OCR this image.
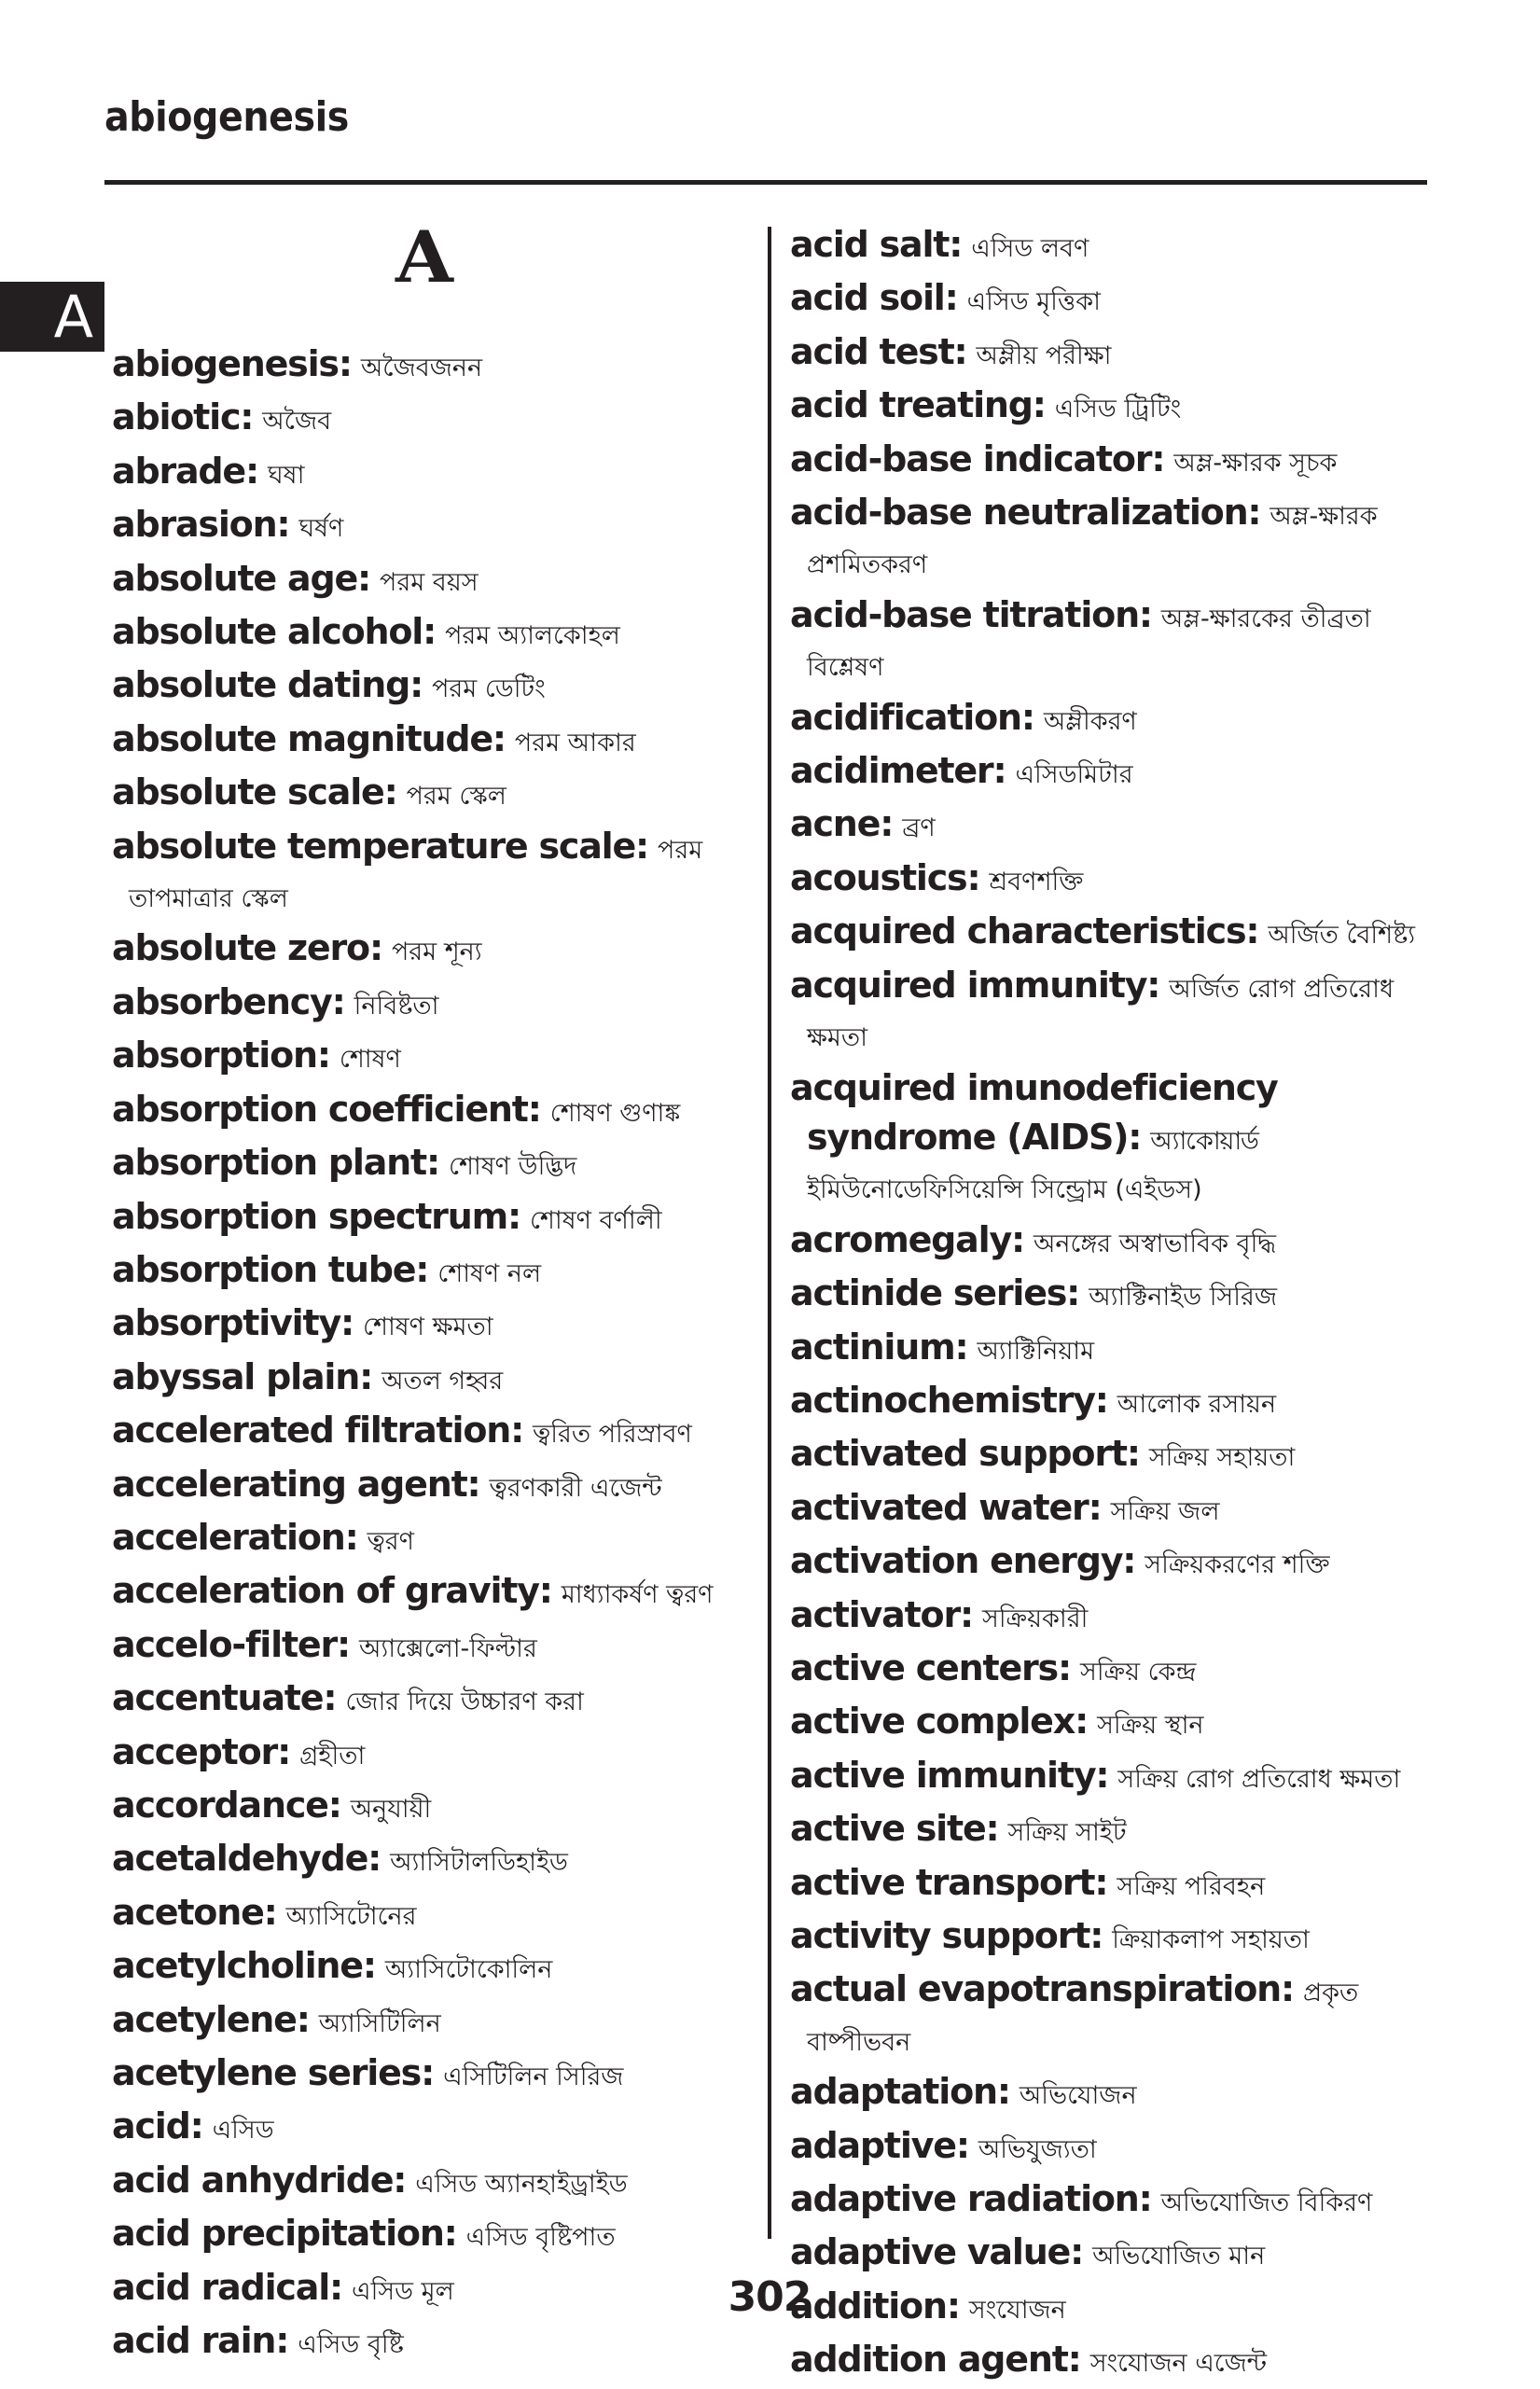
abiogenesis
A
A

abiogenesis: অজৈবজনন

abiotic: অজৈব

abrade: ঘষা

abrasion: ঘর্ষণ

absolute age: পরম বয়স

absolute alcohol: পরম অ্যালকোহল

absolute dating: পরম ডেটিং

absolute magnitude: পরম আকার

absolute scale: পরম স্কেল

absolute temperature scale: পরম
তাপমাত্রার স্কেল

absolute zero: পরম শূন্য

absorbency: নিবিষ্টতা

absorption: শোষণ

absorption coefficient: শোষণ গুণাঙ্ক

absorption plant: শোষণ উদ্ভিদ

absorption spectrum: শোষণ বর্ণালী

absorption tube: শোষণ নল

absorptivity: শোষণ ক্ষমতা

abyssal plain: অতল গহ্বর

accelerated filtration: ত্বরিত পরিস্রাবণ

accelerating agent: ত্বরণকারী এজেন্ট

acceleration: ত্বরণ

acceleration of gravity: মাধ্যাকর্ষণ ত্বরণ

accelo-filter: অ্যাক্সেলো-ফিল্টার

accentuate: জোর দিয়ে উচ্চারণ করা

acceptor: গ্রহীতা

accordance: অনুযায়ী

acetaldehyde: অ্যাসিটালডিহাইড

acetone: অ্যাসিটোনের

acetylcholine: অ্যাসিটোকোলিন

acetylene: অ্যাসিটিলিন

acetylene series: এসিটিলিন সিরিজ

acid: এসিড

acid anhydride: এসিড অ্যানহাইড্রাইড

acid precipitation: এসিড বৃষ্টিপাত

acid radical: এসিড মূল

acid rain: এসিড বৃষ্টি

acid salt: এসিড লবণ

acid soil: এসিড মৃত্তিকা

acid test: অম্লীয় পরীক্ষা

acid treating: এসিড ট্রিটিং

acid-base indicator: অম্ল-ক্ষারক সূচক

acid-base neutralization: অম্ল-ক্ষারক
প্রশমিতকরণ

acid-base titration: অম্ল-ক্ষারকের তীব্রতা
বিশ্লেষণ

acidification: অম্লীকরণ

acidimeter: এসিডমিটার

acne: ব্রণ

acoustics: শ্রবণশক্তি

acquired characteristics: অর্জিত বৈশিষ্ট্য

acquired immunity: অর্জিত রোগ প্রতিরোধ
ক্ষমতা

acquired imunodeficiency
syndrome (AIDS): অ্যাকোয়ার্ড
ইমিউনোডেফিসিয়েন্সি সিন্ড্রোম (এইডস)

acromegaly: অনঙ্গের অস্বাভাবিক বৃদ্ধি

actinide series: অ্যাক্টিনাইড সিরিজ

actinium: অ্যাক্টিনিয়াম

actinochemistry: আলোক রসায়ন

activated support: সক্রিয় সহায়তা

activated water: সক্রিয় জল

activation energy: সক্রিয়করণের শক্তি

activator: সক্রিয়কারী

active centers: সক্রিয় কেন্দ্র

active complex: সক্রিয় স্থান

active immunity: সক্রিয় রোগ প্রতিরোধ ক্ষমতা

active site: সক্রিয় সাইট

active transport: সক্রিয় পরিবহন

activity support: ক্রিয়াকলাপ সহায়তা

actual evapotranspiration: প্রকৃত
বাষ্পীভবন

adaptation: অভিযোজন

adaptive: অভিযুজ্যতা

adaptive radiation: অভিযোজিত বিকিরণ

adaptive value: অভিযোজিত মান

addition: সংযোজন

addition agent: সংযোজন এজেন্ট

302
